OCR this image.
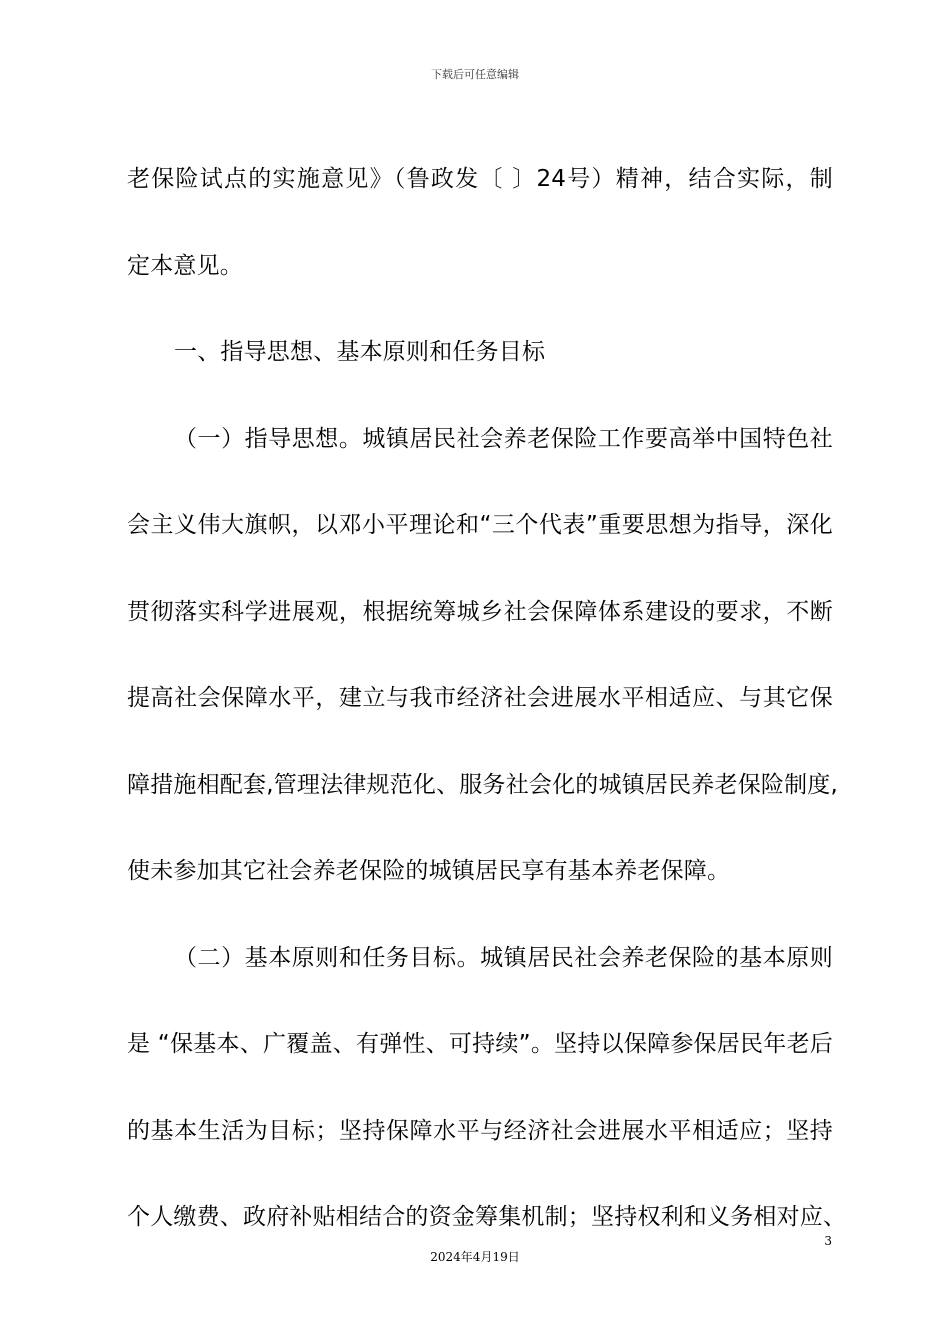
下载后可任意编辑
老保险试点的实施意见》（鲁政发〔 〕24号）精神，结合实际，制
定本意见。
一、指导思想、基本原则和任务目标
（一）指导思想。城镇居民社会养老保险工作要高举中国特色社
会主义伟大旗帜，以邓小平理论和“三个代表”重要思想为指导，深化
贯彻落实科学进展观，根据统筹城乡社会保障体系建设的要求，不断
提高社会保障水平，建立与我市经济社会进展水平相适应、与其它保
障措施相配套,管理法律规范化、服务社会化的城镇居民养老保险制度,
使未参加其它社会养老保险的城镇居民享有基本养老保障。
（二）基本原则和任务目标。城镇居民社会养老保险的基本原则
是 “保基本、广覆盖、有弹性、可持续”。坚持以保障参保居民年老后
的基本生活为目标；坚持保障水平与经济社会进展水平相适应；坚持
个人缴费、政府补贴相结合的资金筹集机制；坚持权利和义务相对应、
3
2024年4月19日
